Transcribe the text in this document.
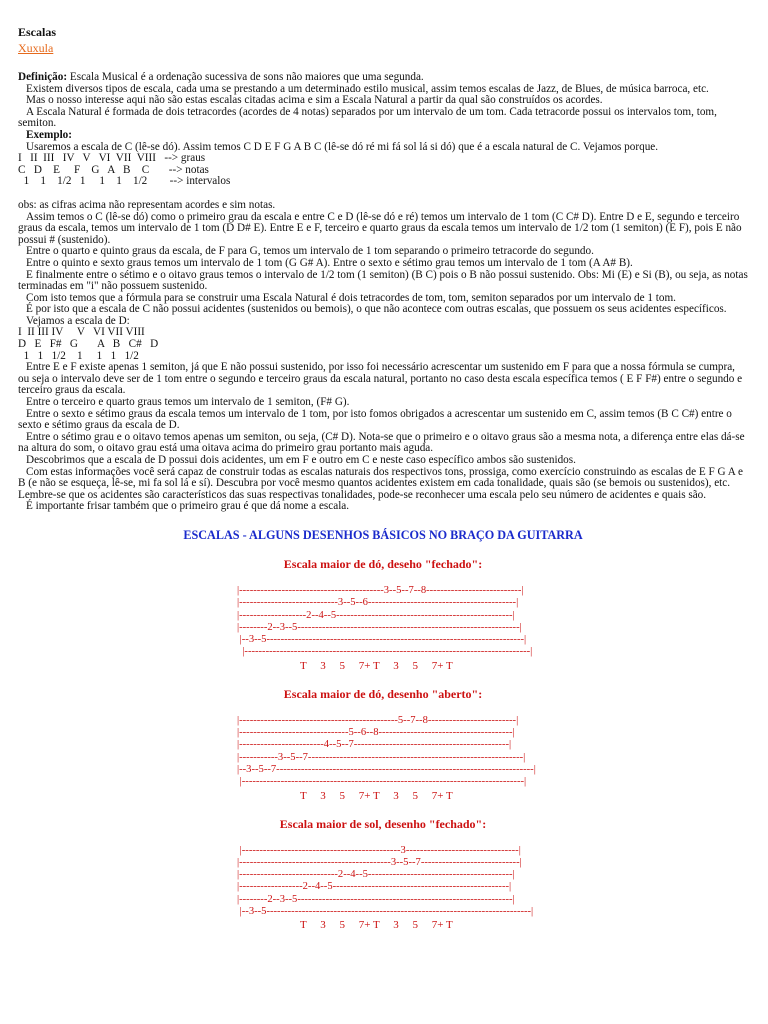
Escalas
Xuxula

Definição: Escala Musical é a ordenação sucessiva de sons não maiores que uma segunda.

Existem diversos tipos de escala, cada uma se prestando a um determinado estilo musical, assim temos escalas de Jazz, de Blues, de música barroca, etc.

Mas o nosso interesse aqui não são estas escalas citadas acima e sim a Escala Natural a partir da qual são construídos os acordes.

A Escala Natural é formada de dois tetracordes (acordes de 4 notas) separados por um intervalo de um tom. Cada tetracorde possui os intervalos tom, tom, semiton.

Exemplo:

Usaremos a escala de C (lê-se dó). Assim temos C D E F G A B C (lê-se dó ré mi fá sol lá si dó) que é a escala natural de C. Vejamos porque.

I   II  III   IV   V   VI  VII  VIII   --> graus

C   D    E     F    G   A   B    C       --> notas

1    1    1/2   1     1    1    1/2        --> intervalos

obs: as cifras acima não representam acordes e sim notas.

Assim temos o C (lê-se dó) como o primeiro grau da escala e entre C e D (lê-se dó e ré) temos um intervalo de 1 tom (C C# D). Entre D e E, segundo e terceiro graus da escala, temos um intervalo de 1 tom (D D# E). Entre E e F, terceiro e quarto graus da escala temos um intervalo de 1/2 tom (1 semiton) (E F), pois E não possui # (sustenido).

Entre o quarto e quinto graus da escala, de F para G, temos um intervalo de 1 tom separando o primeiro tetracorde do segundo.

Entre o quinto e sexto graus temos um intervalo de 1 tom (G G# A). Entre o sexto e sétimo grau temos um intervalo de 1 tom (A A# B).

E finalmente entre o sétimo e o oitavo graus temos o intervalo de 1/2 tom (1 semiton) (B C) pois o B não possui sustenido. Obs: Mi (E) e Si (B), ou seja, as notas terminadas em "i" não possuem sustenido.

Com isto temos que a fórmula para se construir uma Escala Natural é dois tetracordes de tom, tom, semiton separados por um intervalo de 1 tom.

É por isto que a escala de C não possui acidentes (sustenidos ou bemois), o que não acontece com outras escalas, que possuem os seus acidentes específicos.

Vejamos a escala de D:

I  II III IV     V   VI VII VIII

D   E   F#   G       A   B   C#   D

1   1   1/2    1     1   1   1/2

Entre E e F existe apenas 1 semiton, já que E não possui sustenido, por isso foi necessário acrescentar um sustenido em F para que a nossa fórmula se cumpra, ou seja o intervalo deve ser de 1 tom entre o segundo e terceiro graus da escala natural, portanto no caso desta escala específica temos ( E F F#) entre o segundo e terceiro graus da escala.

Entre o terceiro e quarto graus temos um intervalo de 1 semiton, (F# G).

Entre o sexto e sétimo graus da escala temos um intervalo de 1 tom, por isto fomos obrigados a acrescentar um sustenido em C, assim temos (B C C#) entre o sexto e sétimo graus da escala de D.

Entre o sétimo grau e o oitavo temos apenas um semiton, ou seja, (C# D). Nota-se que o primeiro e o oitavo graus são a mesma nota, a diferença entre elas dá-se na altura do som, o oitavo grau está uma oitava acima do primeiro grau portanto mais aguda.

Descobrimos que a escala de D possui dois acidentes, um em F e outro em C e neste caso específico ambos são sustenidos.

Com estas informações você será capaz de construir todas as escalas naturais dos respectivos tons, prossiga, como exercício construindo as escalas de E F G A e B (e não se esqueça, lê-se, mi fa sol lá e sí). Descubra por você mesmo quantos acidentes existem em cada tonalidade, quais são (se bemois ou sustenidos), etc. Lembre-se que os acidentes são característicos das suas respectivas tonalidades, pode-se reconhecer uma escala pelo seu número de acidentes e quais são.

É importante frisar também que o primeiro grau é que dá nome a escala.

ESCALAS - ALGUNS DESENHOS BÁSICOS NO BRAÇO DA GUITARRA
Escala maior de dó, deseho "fechado":
|-----------------------------------------3--5--7--8---------------------------|
|----------------------------3--5--6------------------------------------------|
|-------------------2--4--5--------------------------------------------------|
|--------2--3--5---------------------------------------------------------------|
|--3--5-------------------------------------------------------------------------|
|---------------------------------------------------------------------------------|
T     3     5     7+ T     3     5     7+ T
Escala maior de dó, desenho "aberto":
|---------------------------------------------5--7--8-------------------------|
|-------------------------------5--6--8--------------------------------------|
|------------------------4--5--7--------------------------------------------|
|-----------3--5--7-------------------------------------------------------------|
|--3--5--7-------------------------------------------------------------------------|
|--------------------------------------------------------------------------------|
T     3     5     7+ T     3     5     7+ T
Escala maior de sol, desenho "fechado":
|---------------------------------------------3--------------------------------|
|-------------------------------------------3--5--7----------------------------|
|----------------------------2--4--5-----------------------------------------|
|------------------2--4--5--------------------------------------------------|
|--------2--3--5-------------------------------------------------------------|
|--3--5---------------------------------------------------------------------------|
T     3     5     7+ T     3     5     7+ T
